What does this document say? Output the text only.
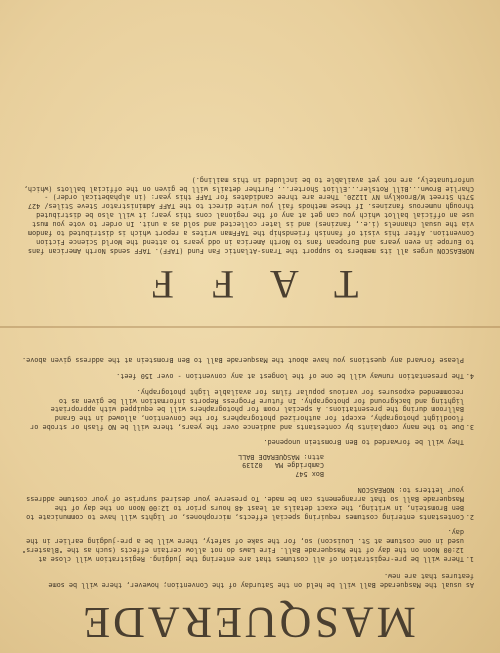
MASQUERADE

As usual the Masquerade Ball will be held on the Saturday of the Convention; however, there will be some features that are new.

1.
There will be pre-registration of all costumes that are entering the judging. Registration will close at 12:00 Noon on the day of the Masquerade Ball. Fire Laws do not allow certain effects (such as the "Blasters" used in one costume at St. Louiscon) so, for the sake of safety, there will be a pre-judging earlier in the day.
2.
Contestants entering costumes requiring special effects, microphones, or lights will have to communicate to Ben Bromstein, in writing, the exact details at least 48 hours prior to 12:00 Noon on the day of the Masquerade Ball so that arrangements can be made. To preserve your desired surprise of your costume address your letters to: NOREASCON
Box 547
Cambridge MA   02139
attn: MASQUERADE BALL

They will be forwarded to Ben Bromstein unopened.

3.
Due to the many complaints by contestants and audience over the years, there will be NO flash or strobe or floodlight photography, except for authorized photographers for the Convention, allowed in the Grand Ballroom during the presentations. A special room for photographers will be equipped with appropriate lighting and background for photography. In future Progress Reports information will be given as to recommended exposures for various popular films for available light photography.
4.
The presentation runway will be one of the longest at any convention - over 150 feet.

Please forward any questions you have about the Masquerade Ball to Ben Bromstein at the address given above.

T A F F

NOREASCON urges all its members to support the Trans-Atlantic Fan Fund (TAFF). TAFF sends North American fans to Europe in even years and European fans to North America in odd years to attend the World Science Fiction Convention. After this visit of fannish friendship the TAFFman writes a report which is distributed to fandom via the usual channels (i.e., fanzines) and is later collected and sold as a unit. In order to vote you must use an official ballot which you can get at any of the regional cons this year; it will also be distributed through numerous fanzines. If these methods fail you write direct to the TAFF Administrator Steve Stiles/ 427 57th Street W/Brooklyn NY 11220. There are three candidates for TAFF this year: (in alphabetical order) - Charlie Brown...Bill Rotsler...Elliot Shorter... Further details will be given on the official ballots (which, unfortunately, are not yet available to be included in this mailing.)
